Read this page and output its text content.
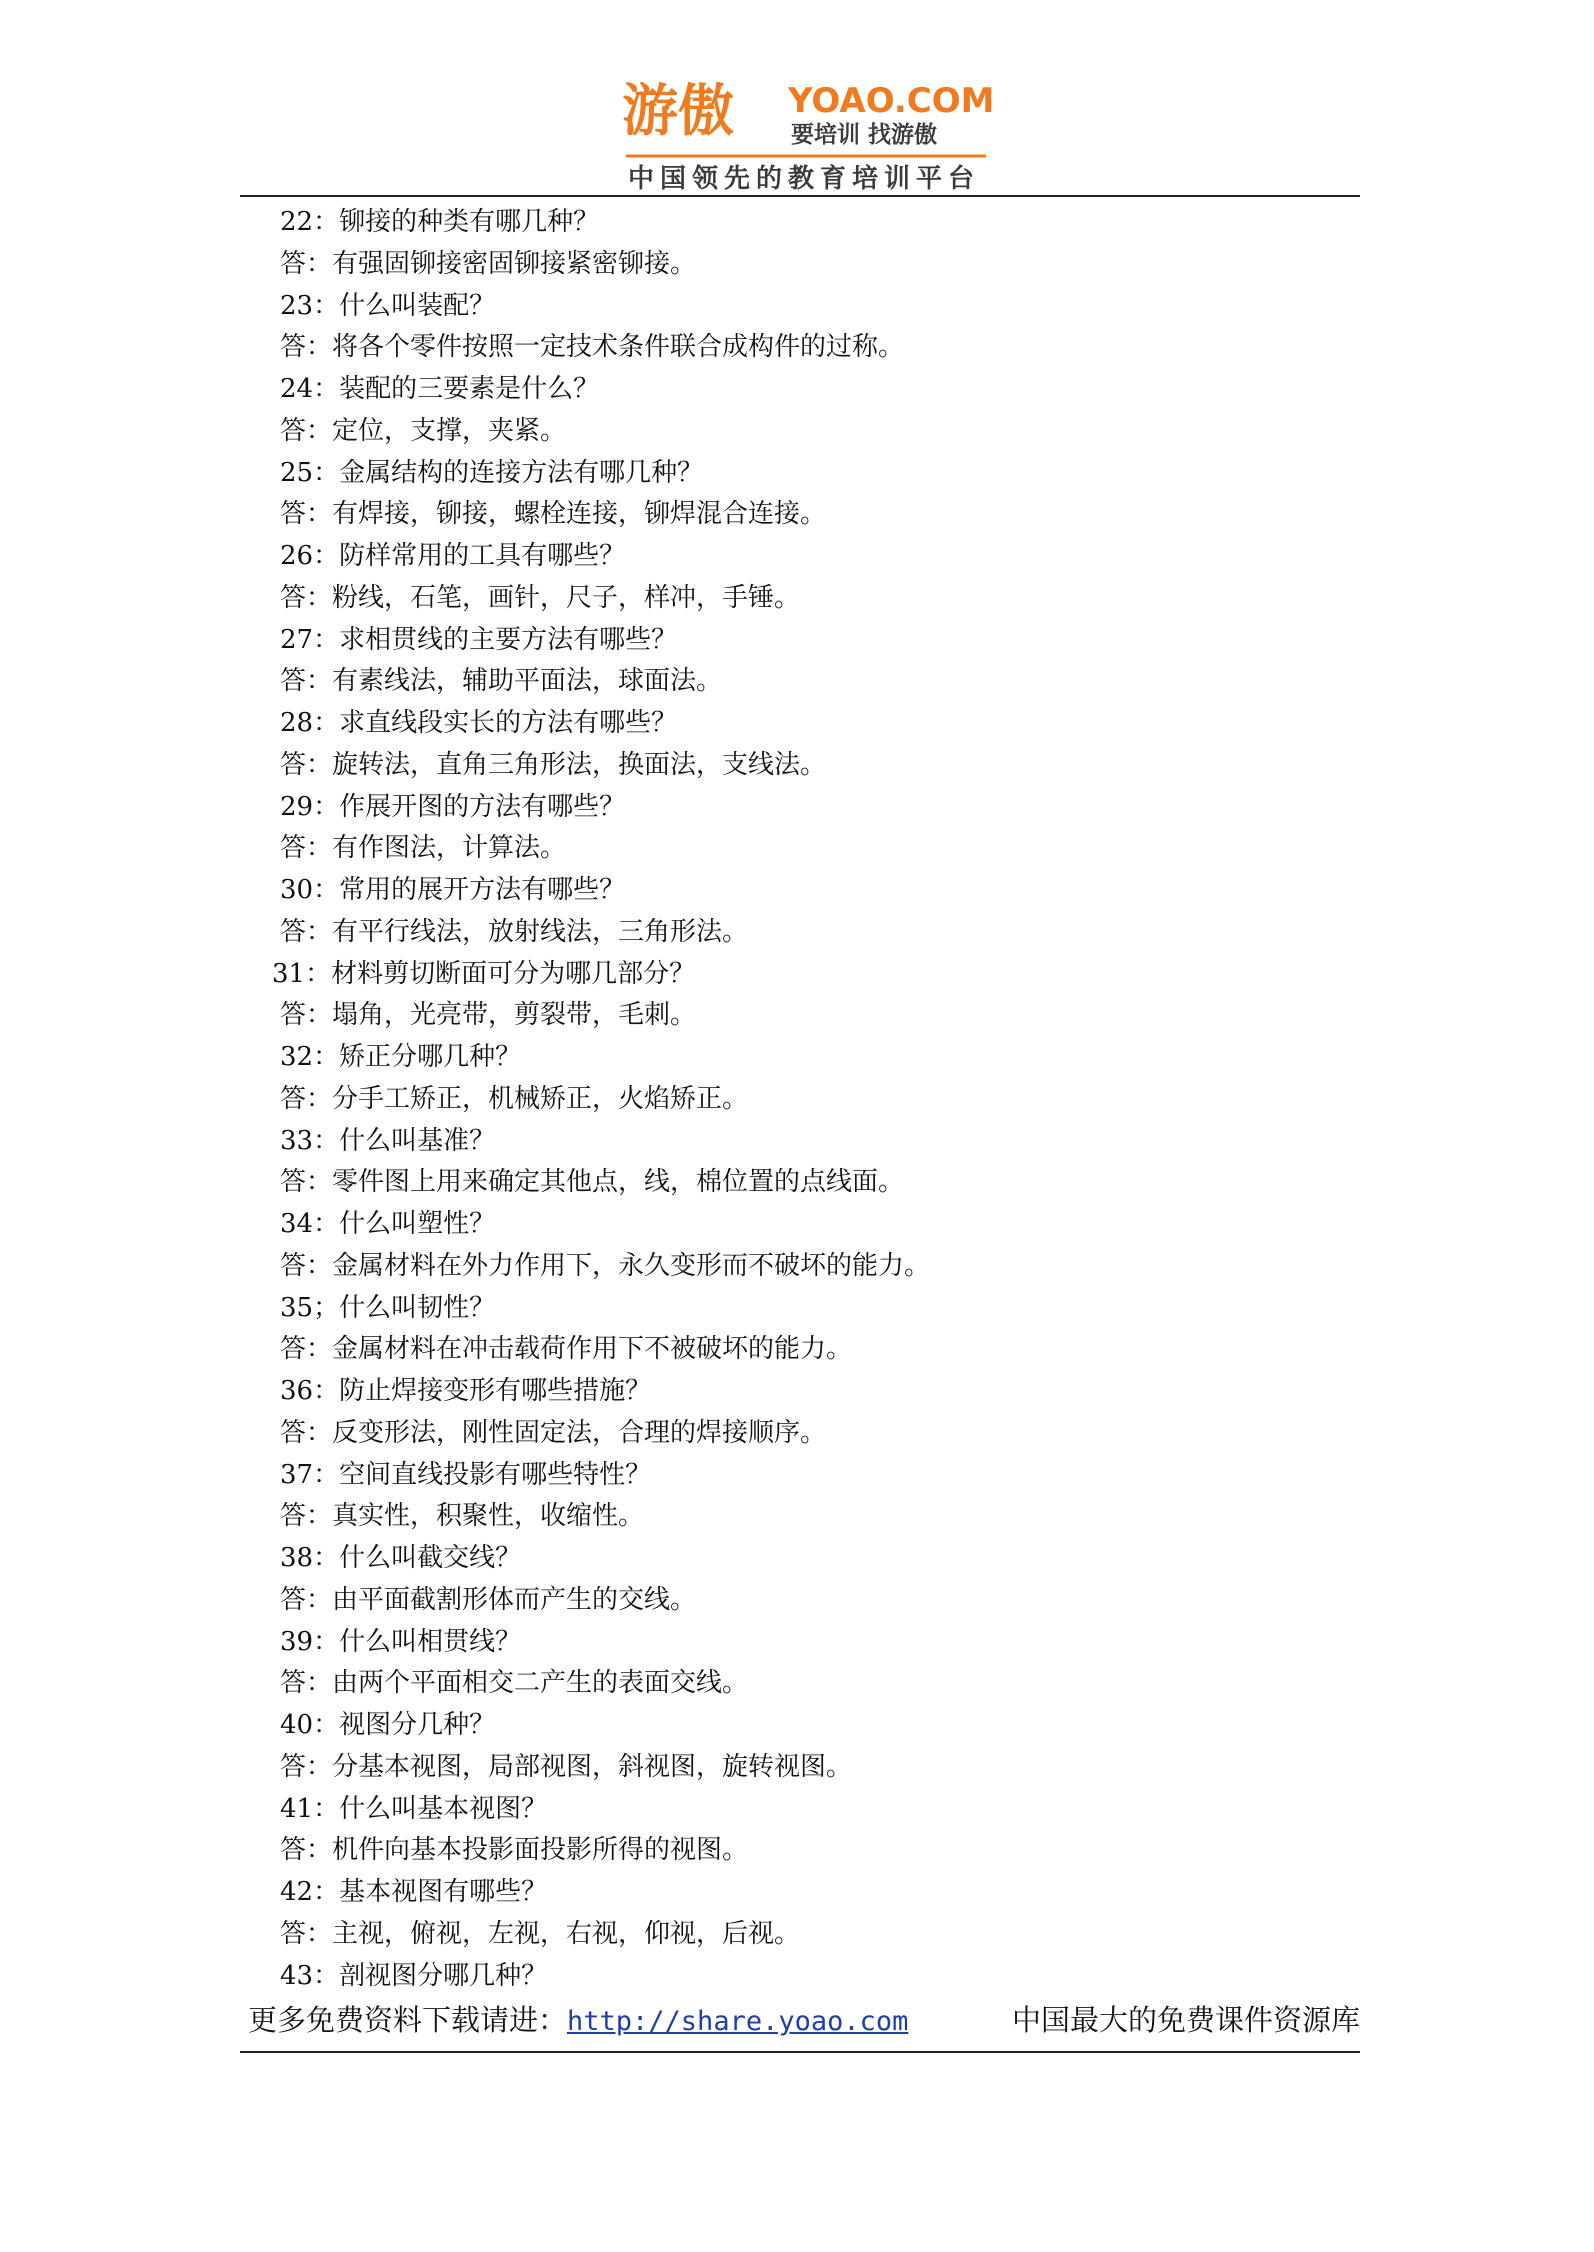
游傲 YOAO.COM
要培训 找游傲
中国领先的教育培训平台
22：铆接的种类有哪几种？
答：有强固铆接密固铆接紧密铆接。
23：什么叫装配？
答：将各个零件按照一定技术条件联合成构件的过称。
24：装配的三要素是什么？
答：定位，支撑，夹紧。
25：金属结构的连接方法有哪几种？
答：有焊接，铆接，螺栓连接，铆焊混合连接。
26：防样常用的工具有哪些？
答：粉线，石笔，画针，尺子，样冲，手锤。
27：求相贯线的主要方法有哪些？
答：有素线法，辅助平面法，球面法。
28：求直线段实长的方法有哪些？
答：旋转法，直角三角形法，换面法，支线法。
29：作展开图的方法有哪些？
答：有作图法，计算法。
30：常用的展开方法有哪些？
答：有平行线法，放射线法，三角形法。
31：材料剪切断面可分为哪几部分？
答：塌角，光亮带，剪裂带，毛刺。
32：矫正分哪几种？
答：分手工矫正，机械矫正，火焰矫正。
33：什么叫基准？
答：零件图上用来确定其他点，线，棉位置的点线面。
34：什么叫塑性？
答：金属材料在外力作用下，永久变形而不破坏的能力。
35；什么叫韧性？
答：金属材料在冲击载荷作用下不被破坏的能力。
36：防止焊接变形有哪些措施？
答：反变形法，刚性固定法，合理的焊接顺序。
37：空间直线投影有哪些特性？
答：真实性，积聚性，收缩性。
38：什么叫截交线？
答：由平面截割形体而产生的交线。
39：什么叫相贯线？
答：由两个平面相交二产生的表面交线。
40：视图分几种？
答：分基本视图，局部视图，斜视图，旋转视图。
41：什么叫基本视图？
答：机件向基本投影面投影所得的视图。
42：基本视图有哪些？
答：主视，俯视，左视，右视，仰视，后视。
43：剖视图分哪几种？
更多免费资料下载请进：http://share.yoao.com	中国最大的免费课件资源库
